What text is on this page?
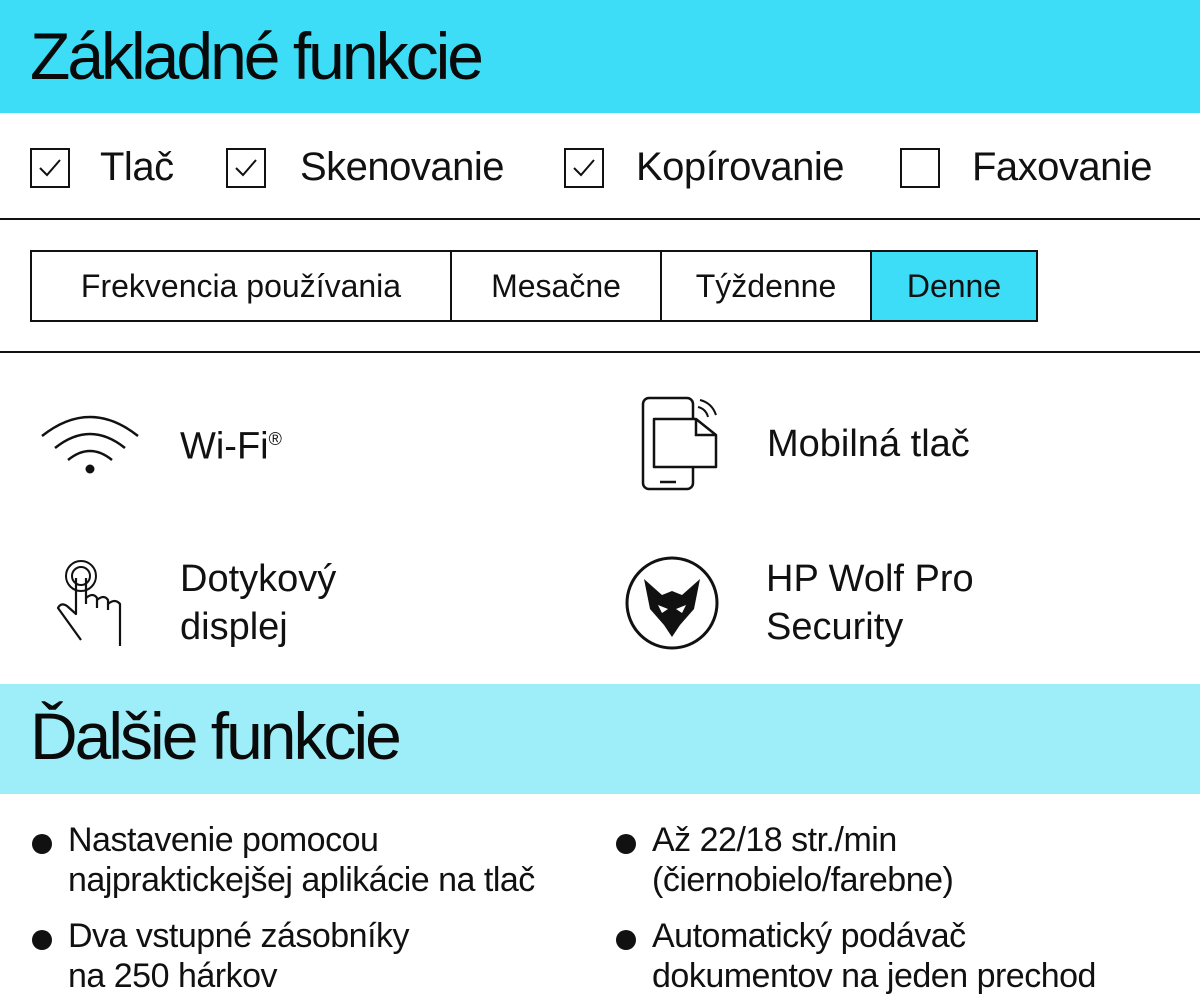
Základné funkcie
Tlač	Skenovanie	Kopírovanie	Faxovanie
Frekvencia používania	Mesačne	Týždenne	Denne
Wi-Fi®	Mobilná tlač
Dotykový
displej
HP Wolf Pro
Security
Ďalšie funkcie
Nastavenie pomocou
najpraktickejšej aplikácie na tlač
Až 22/18 str./min
(čiernobielo/farebne)
Dva vstupné zásobníky
na 250 hárkov
Automatický podávač
dokumentov na jeden prechod
